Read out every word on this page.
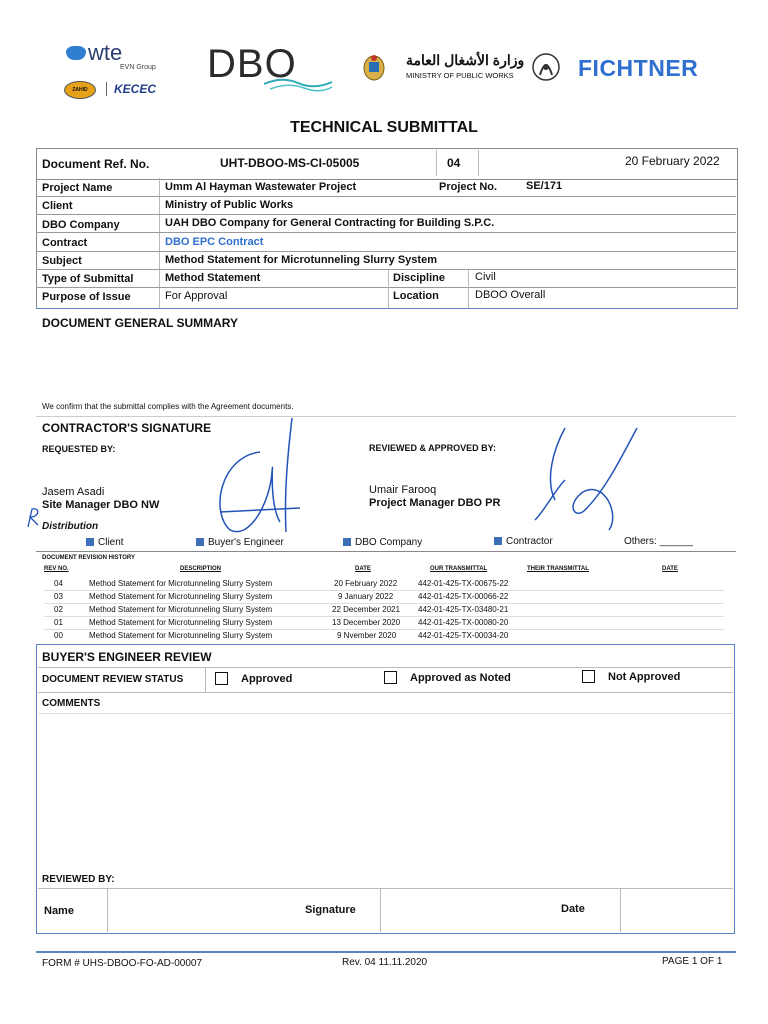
wte
EVN Group
ZAHID	KECEC
DBO	وزارة الأشغال العامة
MINISTRY OF PUBLIC WORKS	FICHTNER
TECHNICAL SUBMITTAL
Document Ref. No.	UHT-DBOO-MS-CI-05005	04	20 February 2022
Project Name	Umm Al Hayman Wastewater Project	Project No.	SE/171
Client	Ministry of Public Works
DBO Company	UAH DBO Company for General Contracting for Building S.P.C.
Contract	DBO EPC Contract
Subject	Method Statement for Microtunneling Slurry System
Type of Submittal	Method Statement	Discipline	Civil
Purpose of Issue	For Approval	Location	DBOO Overall
DOCUMENT GENERAL SUMMARY
We confirm that the submittal complies with the Agreement documents.
CONTRACTOR'S SIGNATURE
REQUESTED BY:
Jasem Asadi
Site Manager DBO NW
REVIEWED & APPROVED BY:
Umair Farooq
Project Manager DBO PR
Distribution
Client	Buyer's Engineer	DBO Company	Contractor	Others: ______
DOCUMENT REVISION HISTORY
REV NO.	DESCRIPTION	DATE	OUR TRANSMITTAL	THEIR TRANSMITTAL	DATE
04	Method Statement for Microtunneling Slurry System	20 February 2022	442-01-425-TX-00675-22
03	Method Statement for Microtunneling Slurry System	9 January 2022	442-01-425-TX-00066-22
02	Method Statement for Microtunneling Slurry System	22 December 2021 442-01-425-TX-03480-21
01	Method Statement for Microtunneling Slurry System	13 December 2020 442-01-425-TX-00080-20
00	Method Statement for Microtunneling Slurry System	9 Nvember 2020	442-01-425-TX-00034-20
BUYER'S ENGINEER REVIEW
DOCUMENT REVIEW STATUS	Approved	Approved as Noted	Not Approved
COMMENTS
REVIEWED BY:
Name	Signature	Date
FORM # UHS-DBOO-FO-AD-00007	Rev. 04 11.11.2020	PAGE 1 OF 1
